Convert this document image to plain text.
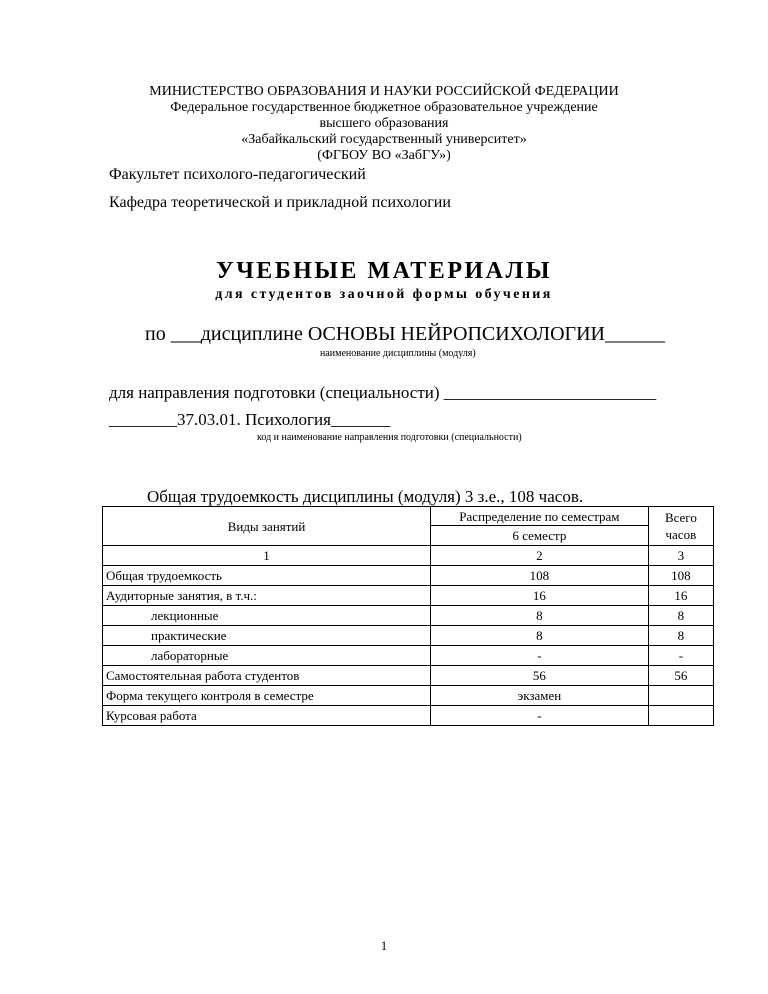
МИНИСТЕРСТВО ОБРАЗОВАНИЯ И НАУКИ РОССИЙСКОЙ ФЕДЕРАЦИИ
Федеральное государственное бюджетное образовательное учреждение
высшего образования
«Забайкальский государственный университет»
(ФГБОУ ВО «ЗабГУ»)
Факультет психолого-педагогический
Кафедра теоретической и прикладной психологии
УЧЕБНЫЕ МАТЕРИАЛЫ
для студентов заочной формы обучения
по ___дисциплине ОСНОВЫ НЕЙРОПСИХОЛОГИИ______
наименование дисциплины (модуля)
для направления подготовки (специальности) _________________________
________37.03.01. Психология_______
код и наименование направления подготовки (специальности)
Общая трудоемкость дисциплины (модуля) 3 з.е., 108 часов.
Виды занятий	Распределение по семестрам	Всего
часов
	6 семестр	
1	2	3
Общая трудоемкость	108	108
Аудиторные занятия, в т.ч.:	16	16
лекционные	8	8
практические	8	8
лабораторные	-	-
Самостоятельная работа студентов	56	56
Форма текущего контроля в семестре	экзамен	
Курсовая работа	-	
1
